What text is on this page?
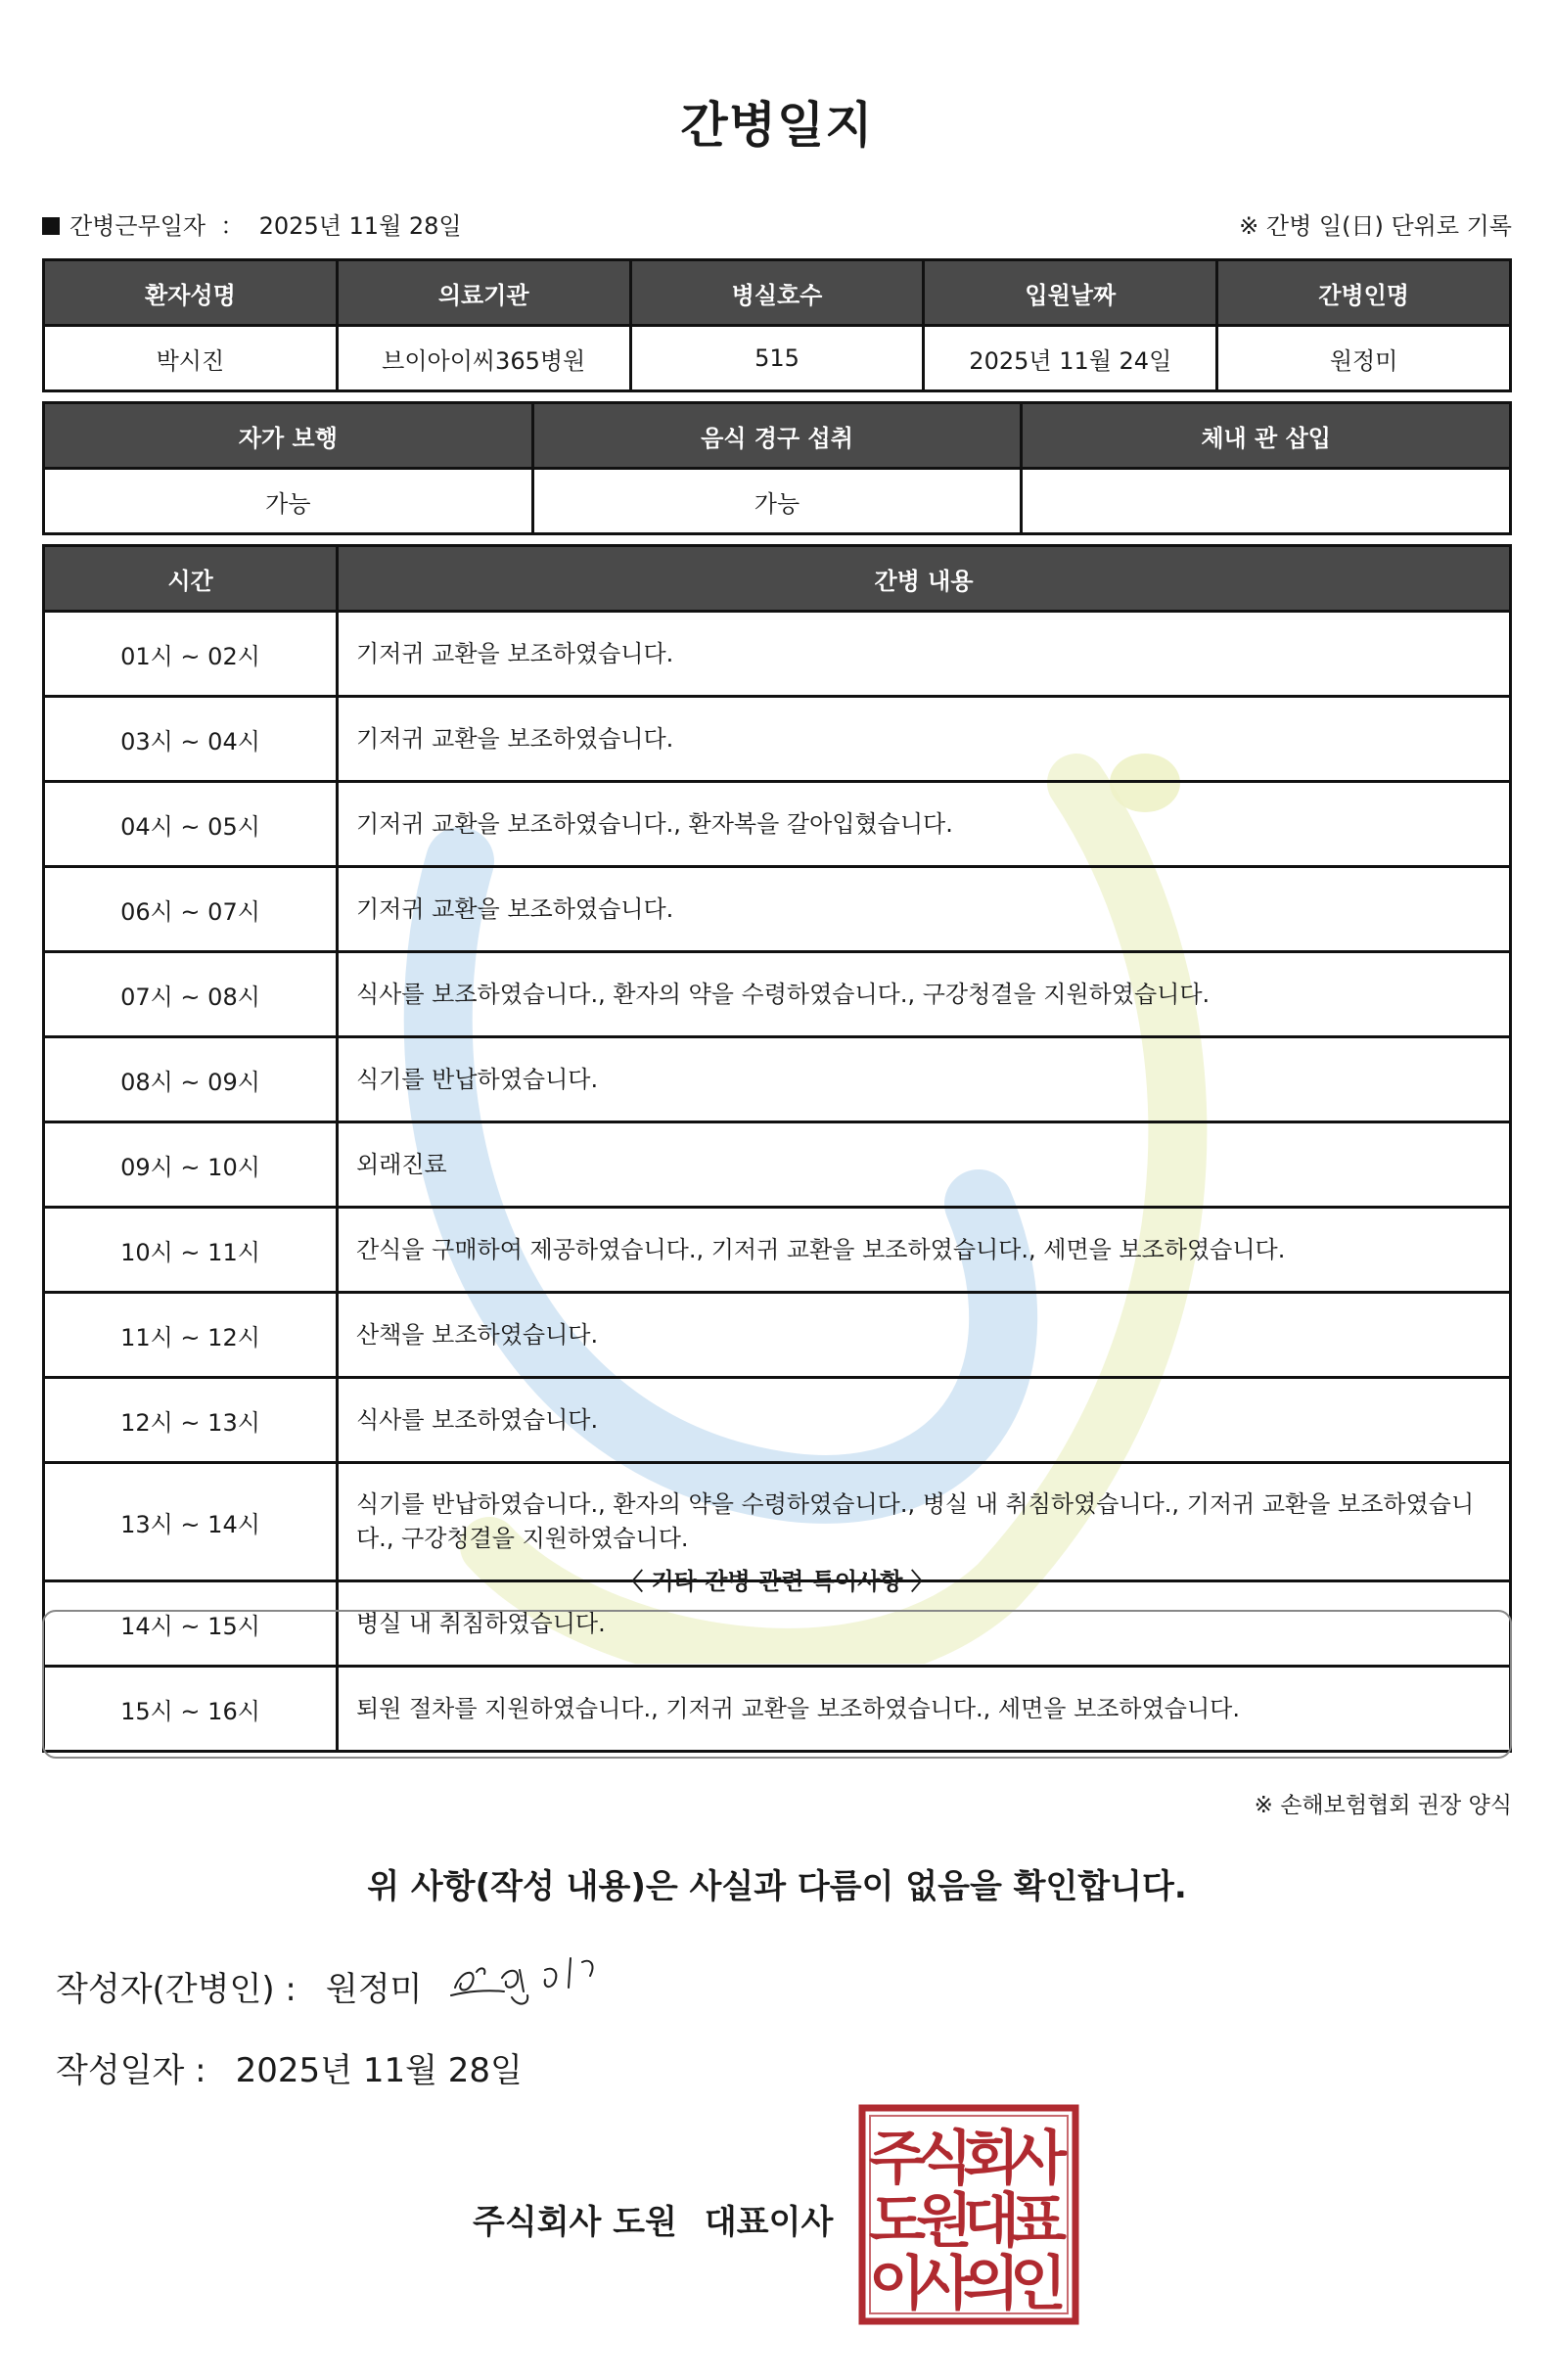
간병일지
간병근무일자 ： 2025년 11월 28일	※ 간병 일(日) 단위로 기록
환자성명	의료기관	병실호수	입원날짜	간병인명
박시진	브이아이씨365병원	515	2025년 11월 24일	원정미
자가 보행	음식 경구 섭취	체내 관 삽입
가능	가능	
시간	간병 내용
01시 ~ 02시	기저귀 교환을 보조하였습니다.
03시 ~ 04시	기저귀 교환을 보조하였습니다.
04시 ~ 05시	기저귀 교환을 보조하였습니다., 환자복을 갈아입혔습니다.
06시 ~ 07시	기저귀 교환을 보조하였습니다.
07시 ~ 08시	식사를 보조하였습니다., 환자의 약을 수령하였습니다., 구강청결을 지원하였습니다.
08시 ~ 09시	식기를 반납하였습니다.
09시 ~ 10시	외래진료
10시 ~ 11시	간식을 구매하여 제공하였습니다., 기저귀 교환을 보조하였습니다., 세면을 보조하였습니다.
11시 ~ 12시	산책을 보조하였습니다.
12시 ~ 13시	식사를 보조하였습니다.
13시 ~ 14시	식기를 반납하였습니다., 환자의 약을 수령하였습니다., 병실 내 취침하였습니다., 기저귀 교환을 보조하였습니다., 구강청결을 지원하였습니다.
14시 ~ 15시	병실 내 취침하였습니다.
15시 ~ 16시	퇴원 절차를 지원하였습니다., 기저귀 교환을 보조하였습니다., 세면을 보조하였습니다.
〈 기타 간병 관련 특이사항 〉
※ 손해보험협회 권장 양식
위 사항(작성 내용)은 사실과 다름이 없음을 확인합니다.
작성자(간병인) : 원정미
작성일자 : 2025년 11월 28일
주식회사 도원 대표이사
주
식
회
사
도
원
대
표
이
사
의
인
